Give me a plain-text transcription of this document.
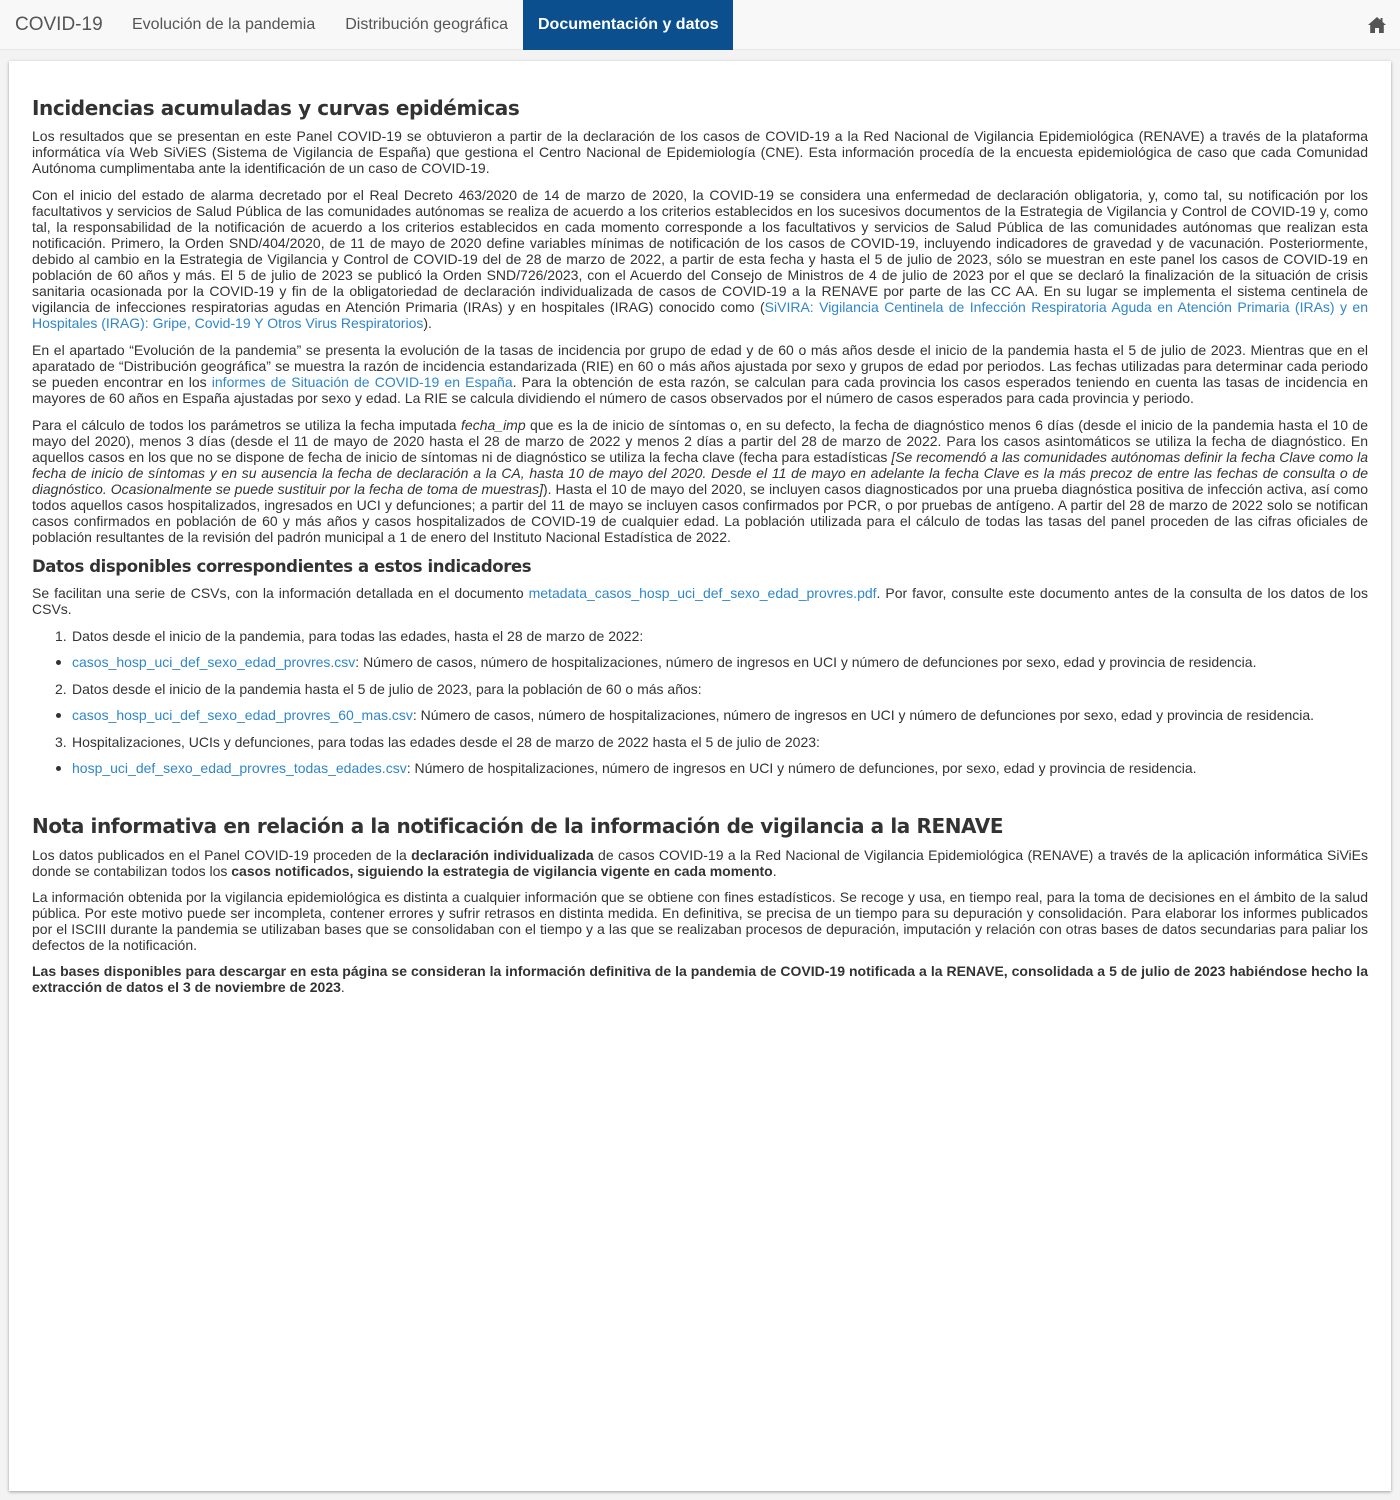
COVID-19	Evolución de la pandemia	Distribución geográfica	Documentación y datos
Incidencias acumuladas y curvas epidémicas

Los resultados que se presentan en este Panel COVID-19 se obtuvieron a partir de la declaración de los casos de COVID-19 a la Red Nacional de Vigilancia Epidemiológica (RENAVE) a través de la plataforma informática vía Web SiViES (Sistema de Vigilancia de España) que gestiona el Centro Nacional de Epidemiología (CNE). Esta información procedía de la encuesta epidemiológica de caso que cada Comunidad Autónoma cumplimentaba ante la identificación de un caso de COVID-19.

Con el inicio del estado de alarma decretado por el Real Decreto 463/2020 de 14 de marzo de 2020, la COVID-19 se considera una enfermedad de declaración obligatoria, y, como tal, su notificación por los facultativos y servicios de Salud Pública de las comunidades autónomas se realiza de acuerdo a los criterios establecidos en los sucesivos documentos de la Estrategia de Vigilancia y Control de COVID-19 y, como tal, la responsabilidad de la notificación de acuerdo a los criterios establecidos en cada momento corresponde a los facultativos y servicios de Salud Pública de las comunidades autónomas que realizan esta notificación. Primero, la Orden SND/404/2020, de 11 de mayo de 2020 define variables mínimas de notificación de los casos de COVID-19, incluyendo indicadores de gravedad y de vacunación. Posteriormente, debido al cambio en la Estrategia de Vigilancia y Control de COVID-19 del de 28 de marzo de 2022, a partir de esta fecha y hasta el 5 de julio de 2023, sólo se muestran en este panel los casos de COVID-19 en población de 60 años y más. El 5 de julio de 2023 se publicó la Orden SND/726/2023, con el Acuerdo del Consejo de Ministros de 4 de julio de 2023 por el que se declaró la finalización de la situación de crisis sanitaria ocasionada por la COVID-19 y fin de la obligatoriedad de declaración individualizada de casos de COVID-19 a la RENAVE por parte de las CC AA. En su lugar se implementa el sistema centinela de vigilancia de infecciones respiratorias agudas en Atención Primaria (IRAs) y en hospitales (IRAG) conocido como (SiVIRA: Vigilancia Centinela de Infección Respiratoria Aguda en Atención Primaria (IRAs) y en Hospitales (IRAG): Gripe, Covid-19 Y Otros Virus Respiratorios).

En el apartado “Evolución de la pandemia” se presenta la evolución de la tasas de incidencia por grupo de edad y de 60 o más años desde el inicio de la pandemia hasta el 5 de julio de 2023. Mientras que en el aparatado de “Distribución geográfica” se muestra la razón de incidencia estandarizada (RIE) en 60 o más años ajustada por sexo y grupos de edad por periodos. Las fechas utilizadas para determinar cada periodo se pueden encontrar en los informes de Situación de COVID-19 en España. Para la obtención de esta razón, se calculan para cada provincia los casos esperados teniendo en cuenta las tasas de incidencia en mayores de 60 años en España ajustadas por sexo y edad. La RIE se calcula dividiendo el número de casos observados por el número de casos esperados para cada provincia y periodo.

Para el cálculo de todos los parámetros se utiliza la fecha imputada fecha_imp que es la de inicio de síntomas o, en su defecto, la fecha de diagnóstico menos 6 días (desde el inicio de la pandemia hasta el 10 de mayo del 2020), menos 3 días (desde el 11 de mayo de 2020 hasta el 28 de marzo de 2022 y menos 2 días a partir del 28 de marzo de 2022. Para los casos asintomáticos se utiliza la fecha de diagnóstico. En aquellos casos en los que no se dispone de fecha de inicio de síntomas ni de diagnóstico se utiliza la fecha clave (fecha para estadísticas [Se recomendó a las comunidades autónomas definir la fecha Clave como la fecha de inicio de síntomas y en su ausencia la fecha de declaración a la CA, hasta 10 de mayo del 2020. Desde el 11 de mayo en adelante la fecha Clave es la más precoz de entre las fechas de consulta o de diagnóstico. Ocasionalmente se puede sustituir por la fecha de toma de muestras]). Hasta el 10 de mayo del 2020, se incluyen casos diagnosticados por una prueba diagnóstica positiva de infección activa, así como todos aquellos casos hospitalizados, ingresados en UCI y defunciones; a partir del 11 de mayo se incluyen casos confirmados por PCR, o por pruebas de antígeno. A partir del 28 de marzo de 2022 solo se notifican casos confirmados en población de 60 y más años y casos hospitalizados de COVID-19 de cualquier edad. La población utilizada para el cálculo de todas las tasas del panel proceden de las cifras oficiales de población resultantes de la revisión del padrón municipal a 1 de enero del Instituto Nacional Estadística de 2022.

Datos disponibles correspondientes a estos indicadores

Se facilitan una serie de CSVs, con la información detallada en el documento metadata_casos_hosp_uci_def_sexo_edad_provres.pdf. Por favor, consulte este documento antes de la consulta de los datos de los CSVs.

1. Datos desde el inicio de la pandemia, para todas las edades, hasta el 28 de marzo de 2022:
casos_hosp_uci_def_sexo_edad_provres.csv: Número de casos, número de hospitalizaciones, número de ingresos en UCI y número de defunciones por sexo, edad y provincia de residencia.
2. Datos desde el inicio de la pandemia hasta el 5 de julio de 2023, para la población de 60 o más años:
casos_hosp_uci_def_sexo_edad_provres_60_mas.csv: Número de casos, número de hospitalizaciones, número de ingresos en UCI y número de defunciones por sexo, edad y provincia de residencia.
3. Hospitalizaciones, UCIs y defunciones, para todas las edades desde el 28 de marzo de 2022 hasta el 5 de julio de 2023:
hosp_uci_def_sexo_edad_provres_todas_edades.csv: Número de hospitalizaciones, número de ingresos en UCI y número de defunciones, por sexo, edad y provincia de residencia.
Nota informativa en relación a la notificación de la información de vigilancia a la RENAVE

Los datos publicados en el Panel COVID-19 proceden de la declaración individualizada de casos COVID-19 a la Red Nacional de Vigilancia Epidemiológica (RENAVE) a través de la aplicación informática SiViEs donde se contabilizan todos los casos notificados, siguiendo la estrategia de vigilancia vigente en cada momento.

La información obtenida por la vigilancia epidemiológica es distinta a cualquier información que se obtiene con fines estadísticos. Se recoge y usa, en tiempo real, para la toma de decisiones en el ámbito de la salud pública. Por este motivo puede ser incompleta, contener errores y sufrir retrasos en distinta medida. En definitiva, se precisa de un tiempo para su depuración y consolidación. Para elaborar los informes publicados por el ISCIII durante la pandemia se utilizaban bases que se consolidaban con el tiempo y a las que se realizaban procesos de depuración, imputación y relación con otras bases de datos secundarias para paliar los defectos de la notificación.

Las bases disponibles para descargar en esta página se consideran la información definitiva de la pandemia de COVID-19 notificada a la RENAVE, consolidada a 5 de julio de 2023 habiéndose hecho la extracción de datos el 3 de noviembre de 2023.
